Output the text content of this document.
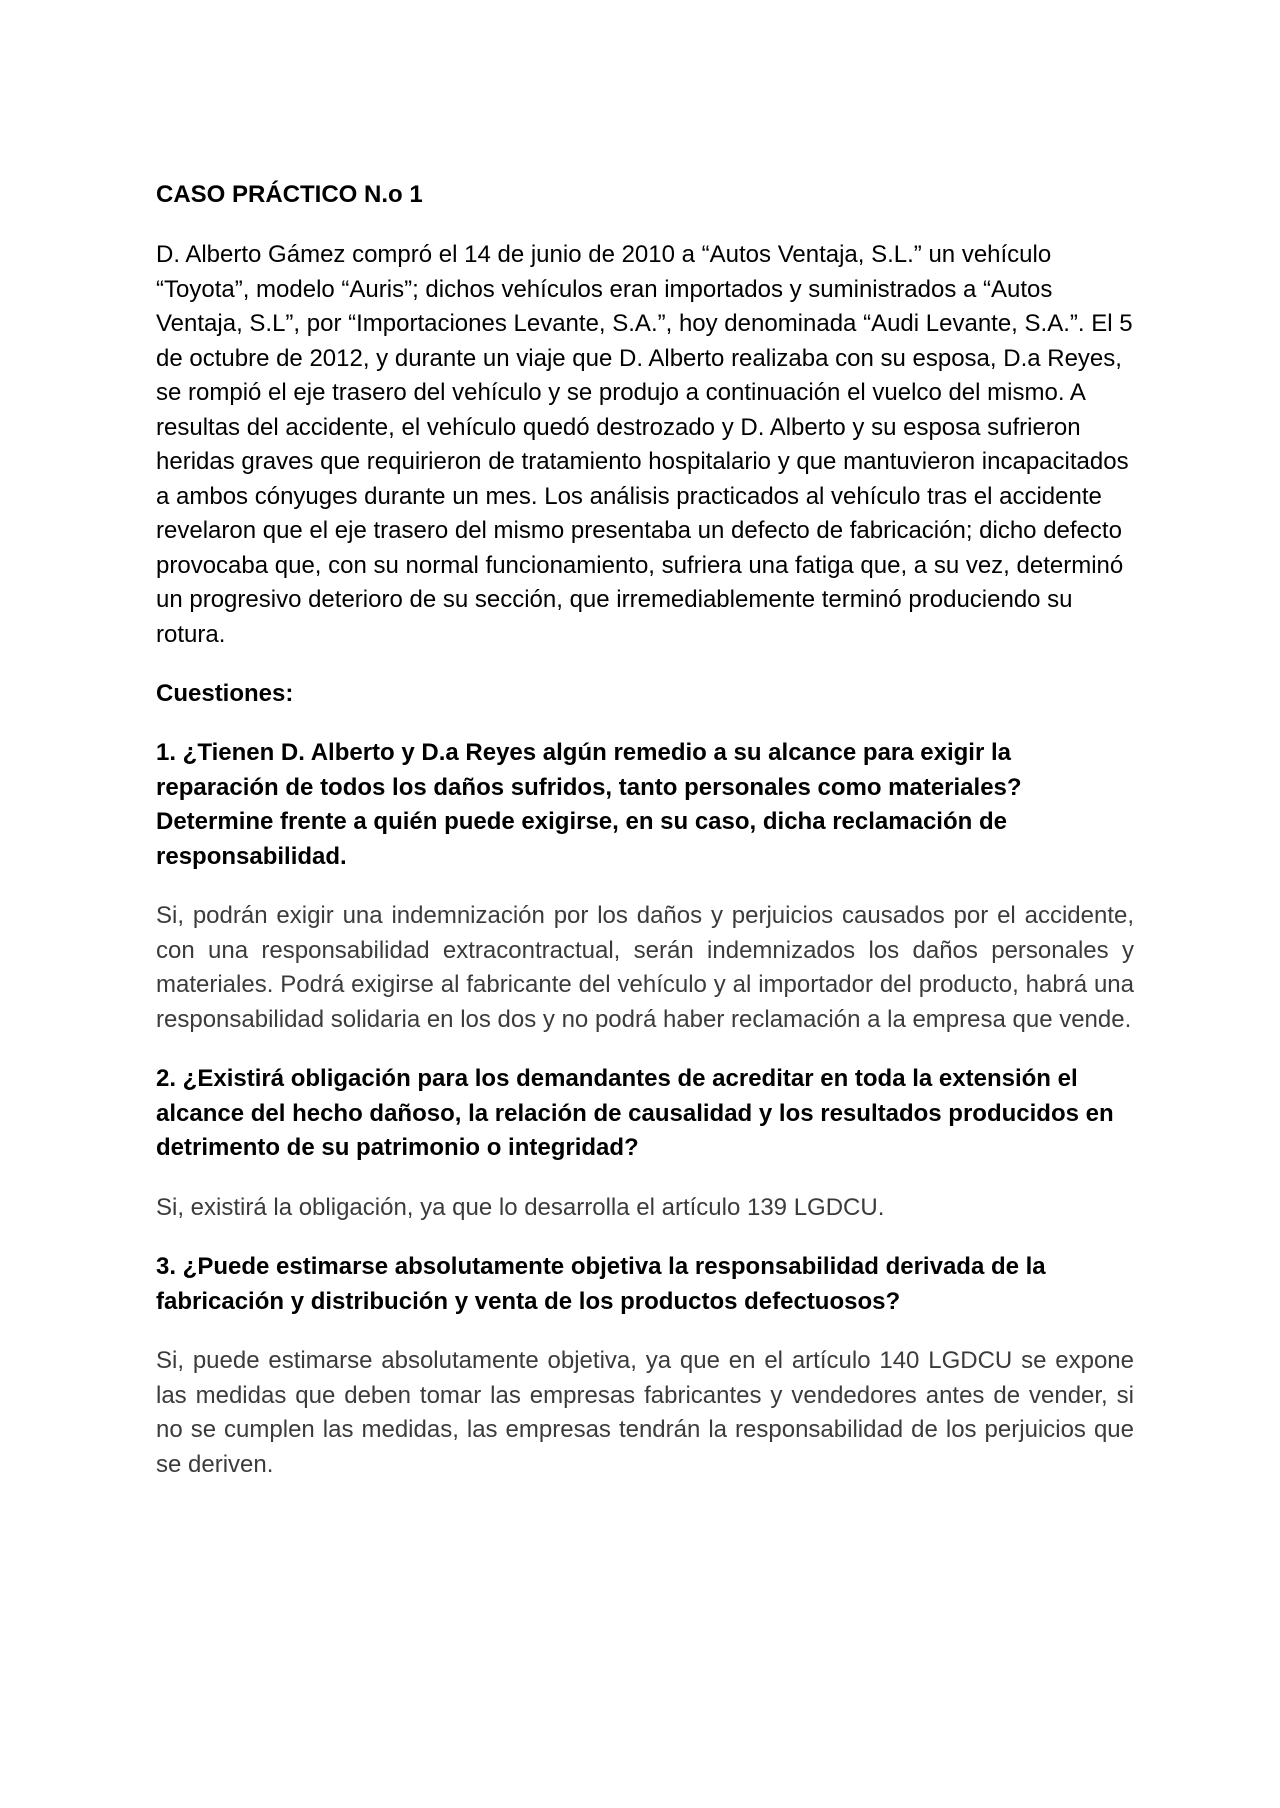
CASO PRÁCTICO N.o 1
D. Alberto Gámez compró el 14 de junio de 2010 a “Autos Ventaja, S.L.” un vehículo “Toyota”, modelo “Auris”; dichos vehículos eran importados y suministrados a “Autos Ventaja, S.L”, por “Importaciones Levante, S.A.”, hoy denominada “Audi Levante, S.A.”. El 5 de octubre de 2012, y durante un viaje que D. Alberto realizaba con su esposa, D.a Reyes, se rompió el eje trasero del vehículo y se produjo a continuación el vuelco del mismo. A resultas del accidente, el vehículo quedó destrozado y D. Alberto y su esposa sufrieron heridas graves que requirieron de tratamiento hospitalario y que mantuvieron incapacitados a ambos cónyuges durante un mes. Los análisis practicados al vehículo tras el accidente revelaron que el eje trasero del mismo presentaba un defecto de fabricación; dicho defecto provocaba que, con su normal funcionamiento, sufriera una fatiga que, a su vez, determinó un progresivo deterioro de su sección, que irremediablemente terminó produciendo su rotura.
Cuestiones:
1. ¿Tienen D. Alberto y D.a Reyes algún remedio a su alcance para exigir la reparación de todos los daños sufridos, tanto personales como materiales? Determine frente a quién puede exigirse, en su caso, dicha reclamación de responsabilidad.
Si, podrán exigir una indemnización por los daños y perjuicios causados por el accidente, con una responsabilidad extracontractual, serán indemnizados los daños personales y materiales. Podrá exigirse al fabricante del vehículo y al importador del producto, habrá una responsabilidad solidaria en los dos y no podrá haber reclamación a la empresa que vende.
2. ¿Existirá obligación para los demandantes de acreditar en toda la extensión el alcance del hecho dañoso, la relación de causalidad y los resultados producidos en detrimento de su patrimonio o integridad?
Si, existirá la obligación, ya que lo desarrolla el artículo 139 LGDCU.
3. ¿Puede estimarse absolutamente objetiva la responsabilidad derivada de la fabricación y distribución y venta de los productos defectuosos?
Si, puede estimarse absolutamente objetiva, ya que en el artículo 140 LGDCU se expone las medidas que deben tomar las empresas fabricantes y vendedores antes de vender, si no se cumplen las medidas, las empresas tendrán la responsabilidad de los perjuicios que se deriven.
